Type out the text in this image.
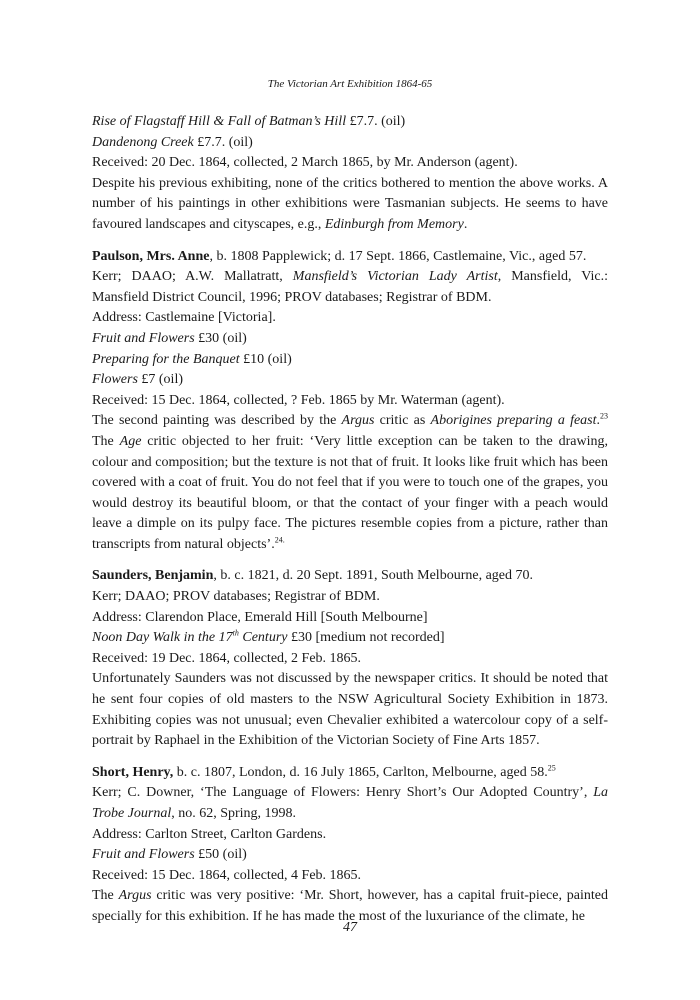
The Victorian Art Exhibition 1864-65
Rise of Flagstaff Hill & Fall of Batman’s Hill £7.7. (oil)
Dandenong Creek £7.7. (oil)
Received: 20 Dec. 1864, collected, 2 March 1865, by Mr. Anderson (agent).
Despite his previous exhibiting, none of the critics bothered to mention the above works. A number of his paintings in other exhibitions were Tasmanian subjects. He seems to have favoured landscapes and cityscapes, e.g., Edinburgh from Memory.
Paulson, Mrs. Anne, b. 1808 Papplewick; d. 17 Sept. 1866, Castlemaine, Vic., aged 57.
Kerr; DAAO; A.W. Mallatratt, Mansfield’s Victorian Lady Artist, Mansfield, Vic.: Mansfield District Council, 1996; PROV databases; Registrar of BDM.
Address: Castlemaine [Victoria].
Fruit and Flowers £30 (oil)
Preparing for the Banquet £10 (oil)
Flowers £7 (oil)
Received: 15 Dec. 1864, collected, ? Feb. 1865 by Mr. Waterman (agent).
The second painting was described by the Argus critic as Aborigines preparing a feast.$^{23}$ The Age critic objected to her fruit: ‘Very little exception can be taken to the drawing, colour and composition; but the texture is not that of fruit. It looks like fruit which has been covered with a coat of fruit. You do not feel that if you were to touch one of the grapes, you would destroy its beautiful bloom, or that the contact of your finger with a peach would leave a dimple on its pulpy face. The pictures resemble copies from a picture, rather than transcripts from natural objects’.$^{24.}$
Saunders, Benjamin, b. c. 1821, d. 20 Sept. 1891, South Melbourne, aged 70.
Kerr; DAAO; PROV databases; Registrar of BDM.
Address: Clarendon Place, Emerald Hill [South Melbourne]
Noon Day Walk in the 17th Century £30 [medium not recorded]
Received: 19 Dec. 1864, collected, 2 Feb. 1865.
Unfortunately Saunders was not discussed by the newspaper critics. It should be noted that he sent four copies of old masters to the NSW Agricultural Society Exhibition in 1873. Exhibiting copies was not unusual; even Chevalier exhibited a watercolour copy of a self-portrait by Raphael in the Exhibition of the Victorian Society of Fine Arts 1857.
Short, Henry, b. c. 1807, London, d. 16 July 1865, Carlton, Melbourne, aged 58.25
Kerr; C. Downer, ‘The Language of Flowers: Henry Short’s Our Adopted Country’, La Trobe Journal, no. 62, Spring, 1998.
Address: Carlton Street, Carlton Gardens.
Fruit and Flowers £50 (oil)
Received: 15 Dec. 1864, collected, 4 Feb. 1865.
The Argus critic was very positive: ‘Mr. Short, however, has a capital fruit-piece, painted specially for this exhibition. If he has made the most of the luxuriance of the climate, he
47
